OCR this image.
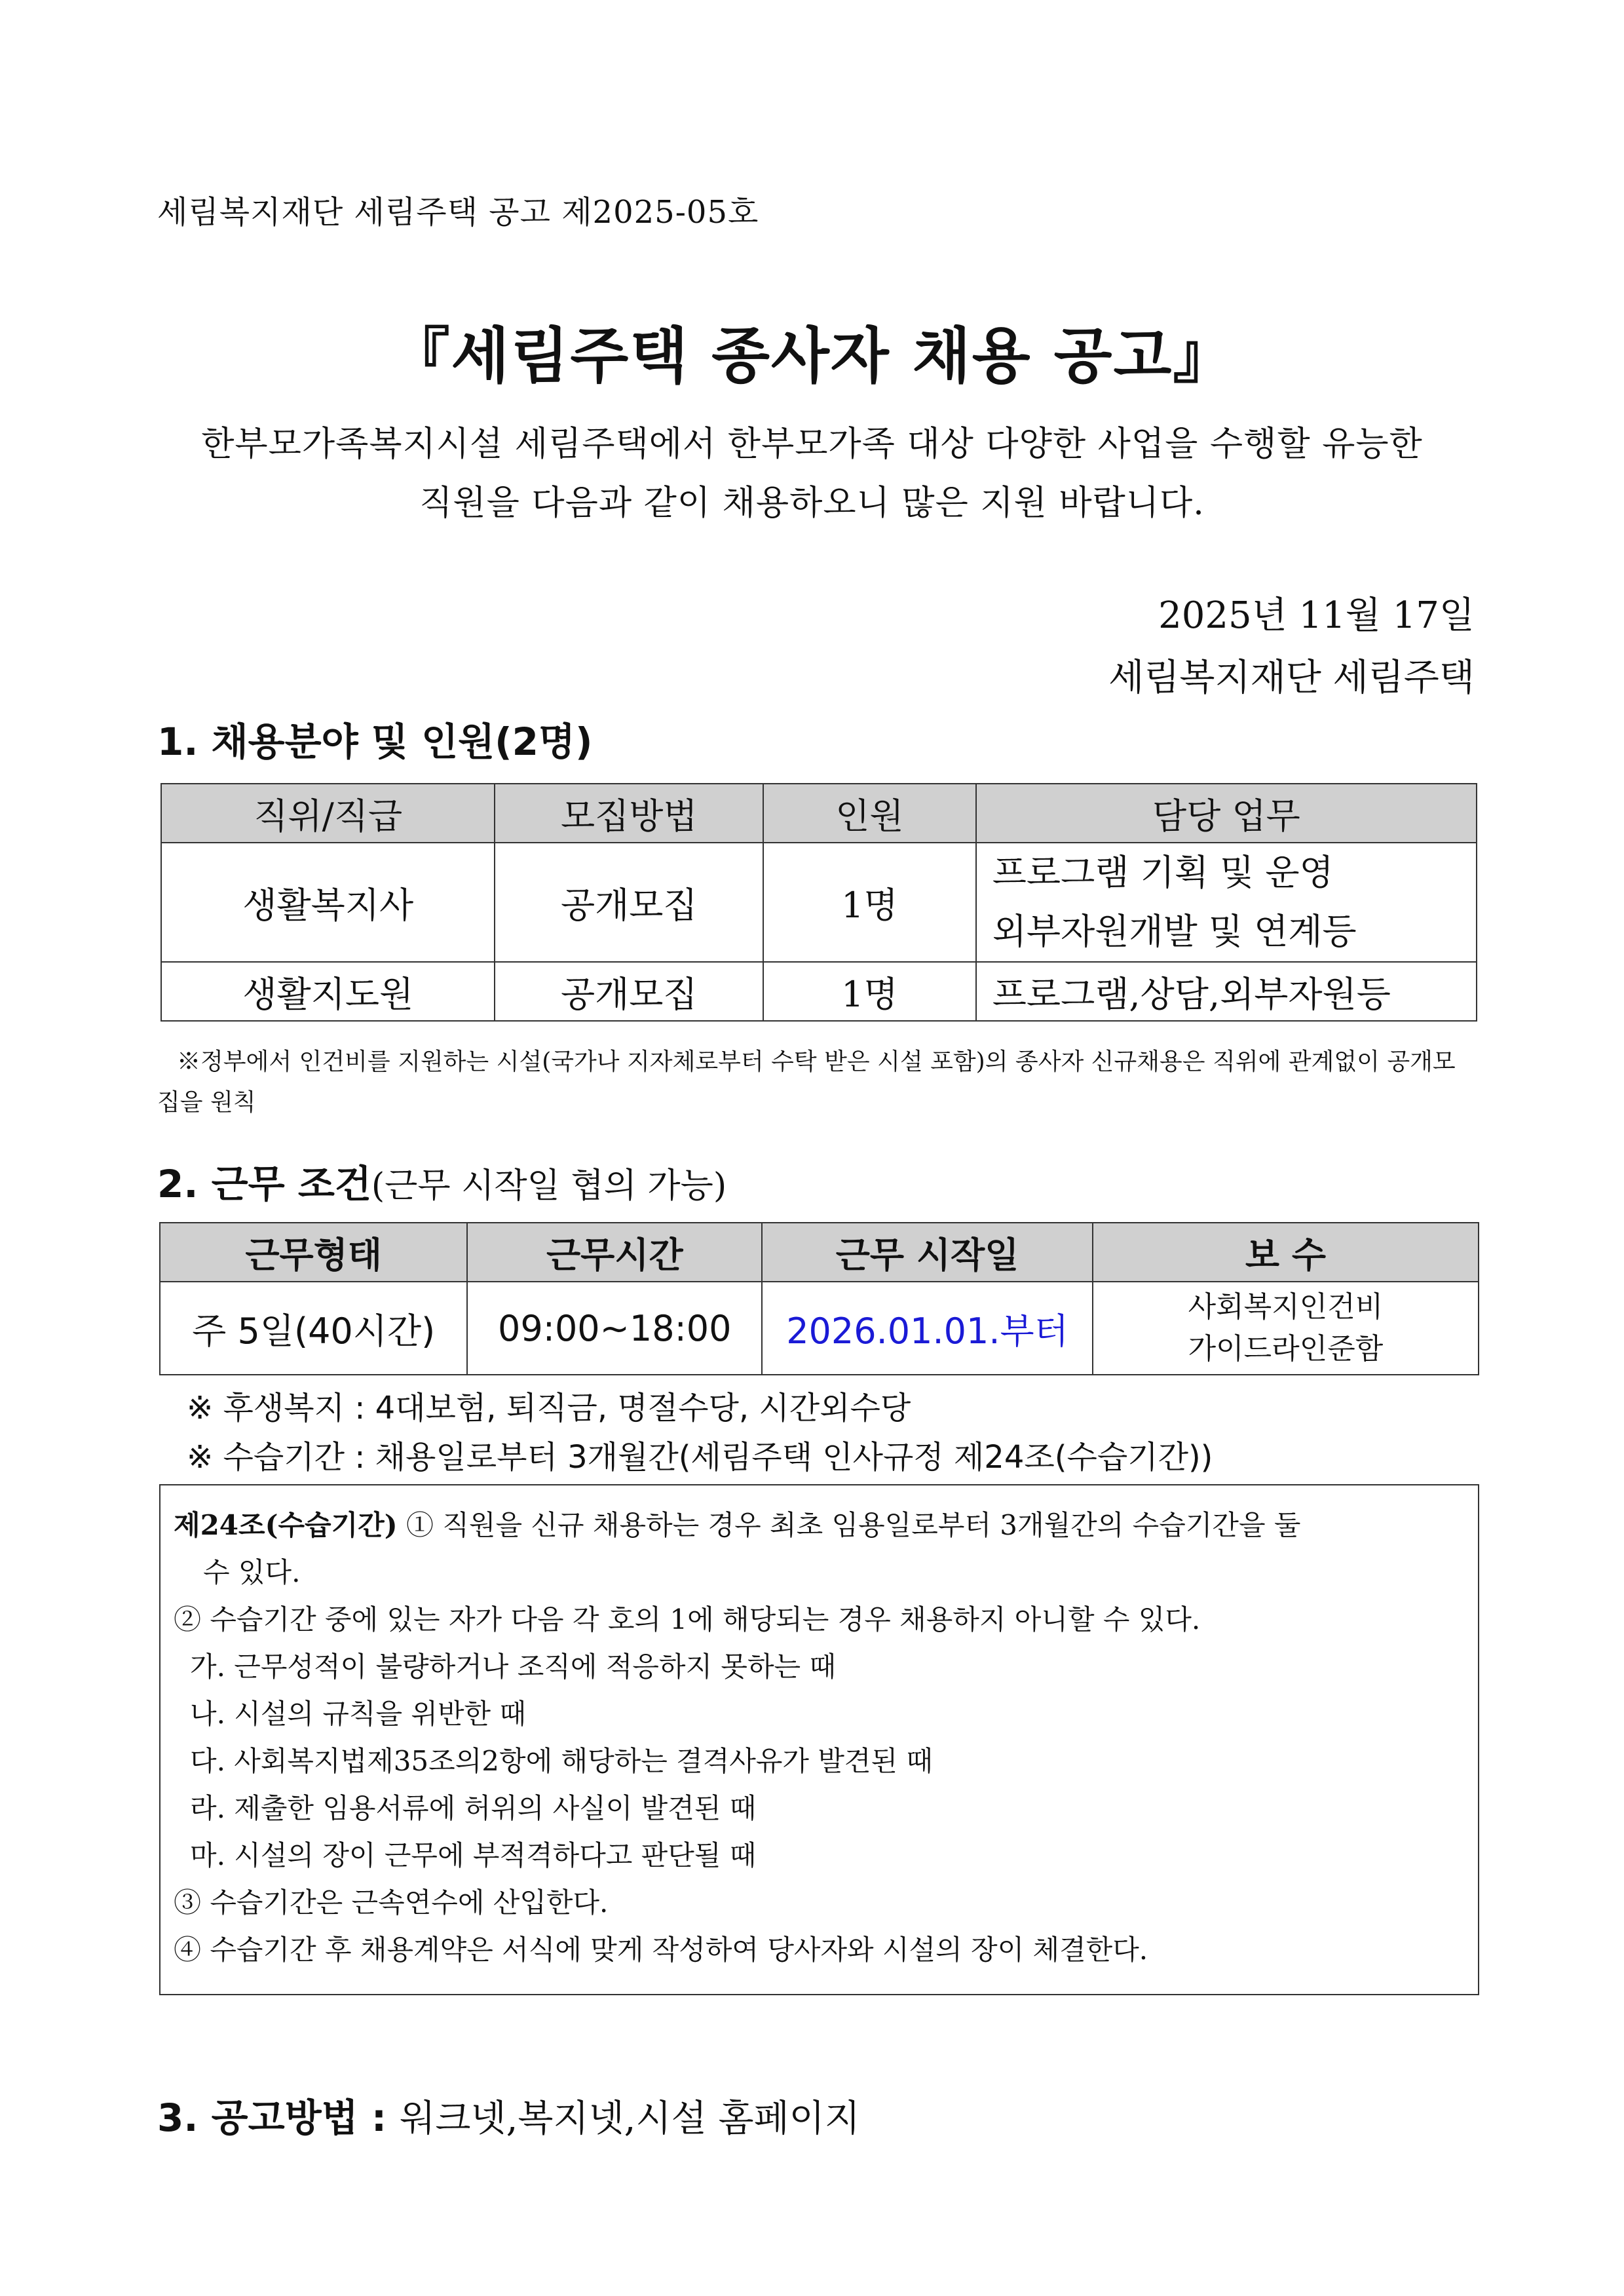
세림복지재단 세림주택 공고 제2025-05호
『세림주택 종사자 채용 공고』
한부모가족복지시설 세림주택에서 한부모가족 대상 다양한 사업을 수행할 유능한
직원을 다음과 같이 채용하오니 많은 지원 바랍니다.
2025년 11월 17일
세림복지재단 세림주택
1. 채용분야 및 인원(2명)
직위/직급	모집방법	인원	담당 업무
생활복지사	공개모집	1명	프로그램 기획 및 운영
외부자원개발 및 연계등

생활지도원	공개모집	1명	프로그램,상담,외부자원등
※정부에서 인건비를 지원하는 시설(국가나 지자체로부터 수탁 받은 시설 포함)의 종사자 신규채용은 직위에 관계없이 공개모집을 원칙
2. 근무 조건(근무 시작일 협의 가능)
근무형태	근무시간	근무 시작일	보 수
주 5일(40시간)	09:00~18:00	2026.01.01.부터	사회복지인건비
가이드라인준함
※ 후생복지 : 4대보험, 퇴직금, 명절수당, 시간외수당
※ 수습기간 : 채용일로부터 3개월간(세림주택 인사규정 제24조(수습기간))
제24조(수습기간) ① 직원을 신규 채용하는 경우 최초 임용일로부터 3개월간의 수습기간을 둘
수 있다.
② 수습기간 중에 있는 자가 다음 각 호의 1에 해당되는 경우 채용하지 아니할 수 있다.
가. 근무성적이 불량하거나 조직에 적응하지 못하는 때
나. 시설의 규칙을 위반한 때
다. 사회복지법제35조의2항에 해당하는 결격사유가 발견된 때
라. 제출한 임용서류에 허위의 사실이 발견된 때
마. 시설의 장이 근무에 부적격하다고 판단될 때
③ 수습기간은 근속연수에 산입한다.
④ 수습기간 후 채용계약은 서식에 맞게 작성하여 당사자와 시설의 장이 체결한다.
3. 공고방법 : 워크넷,복지넷,시설 홈페이지
